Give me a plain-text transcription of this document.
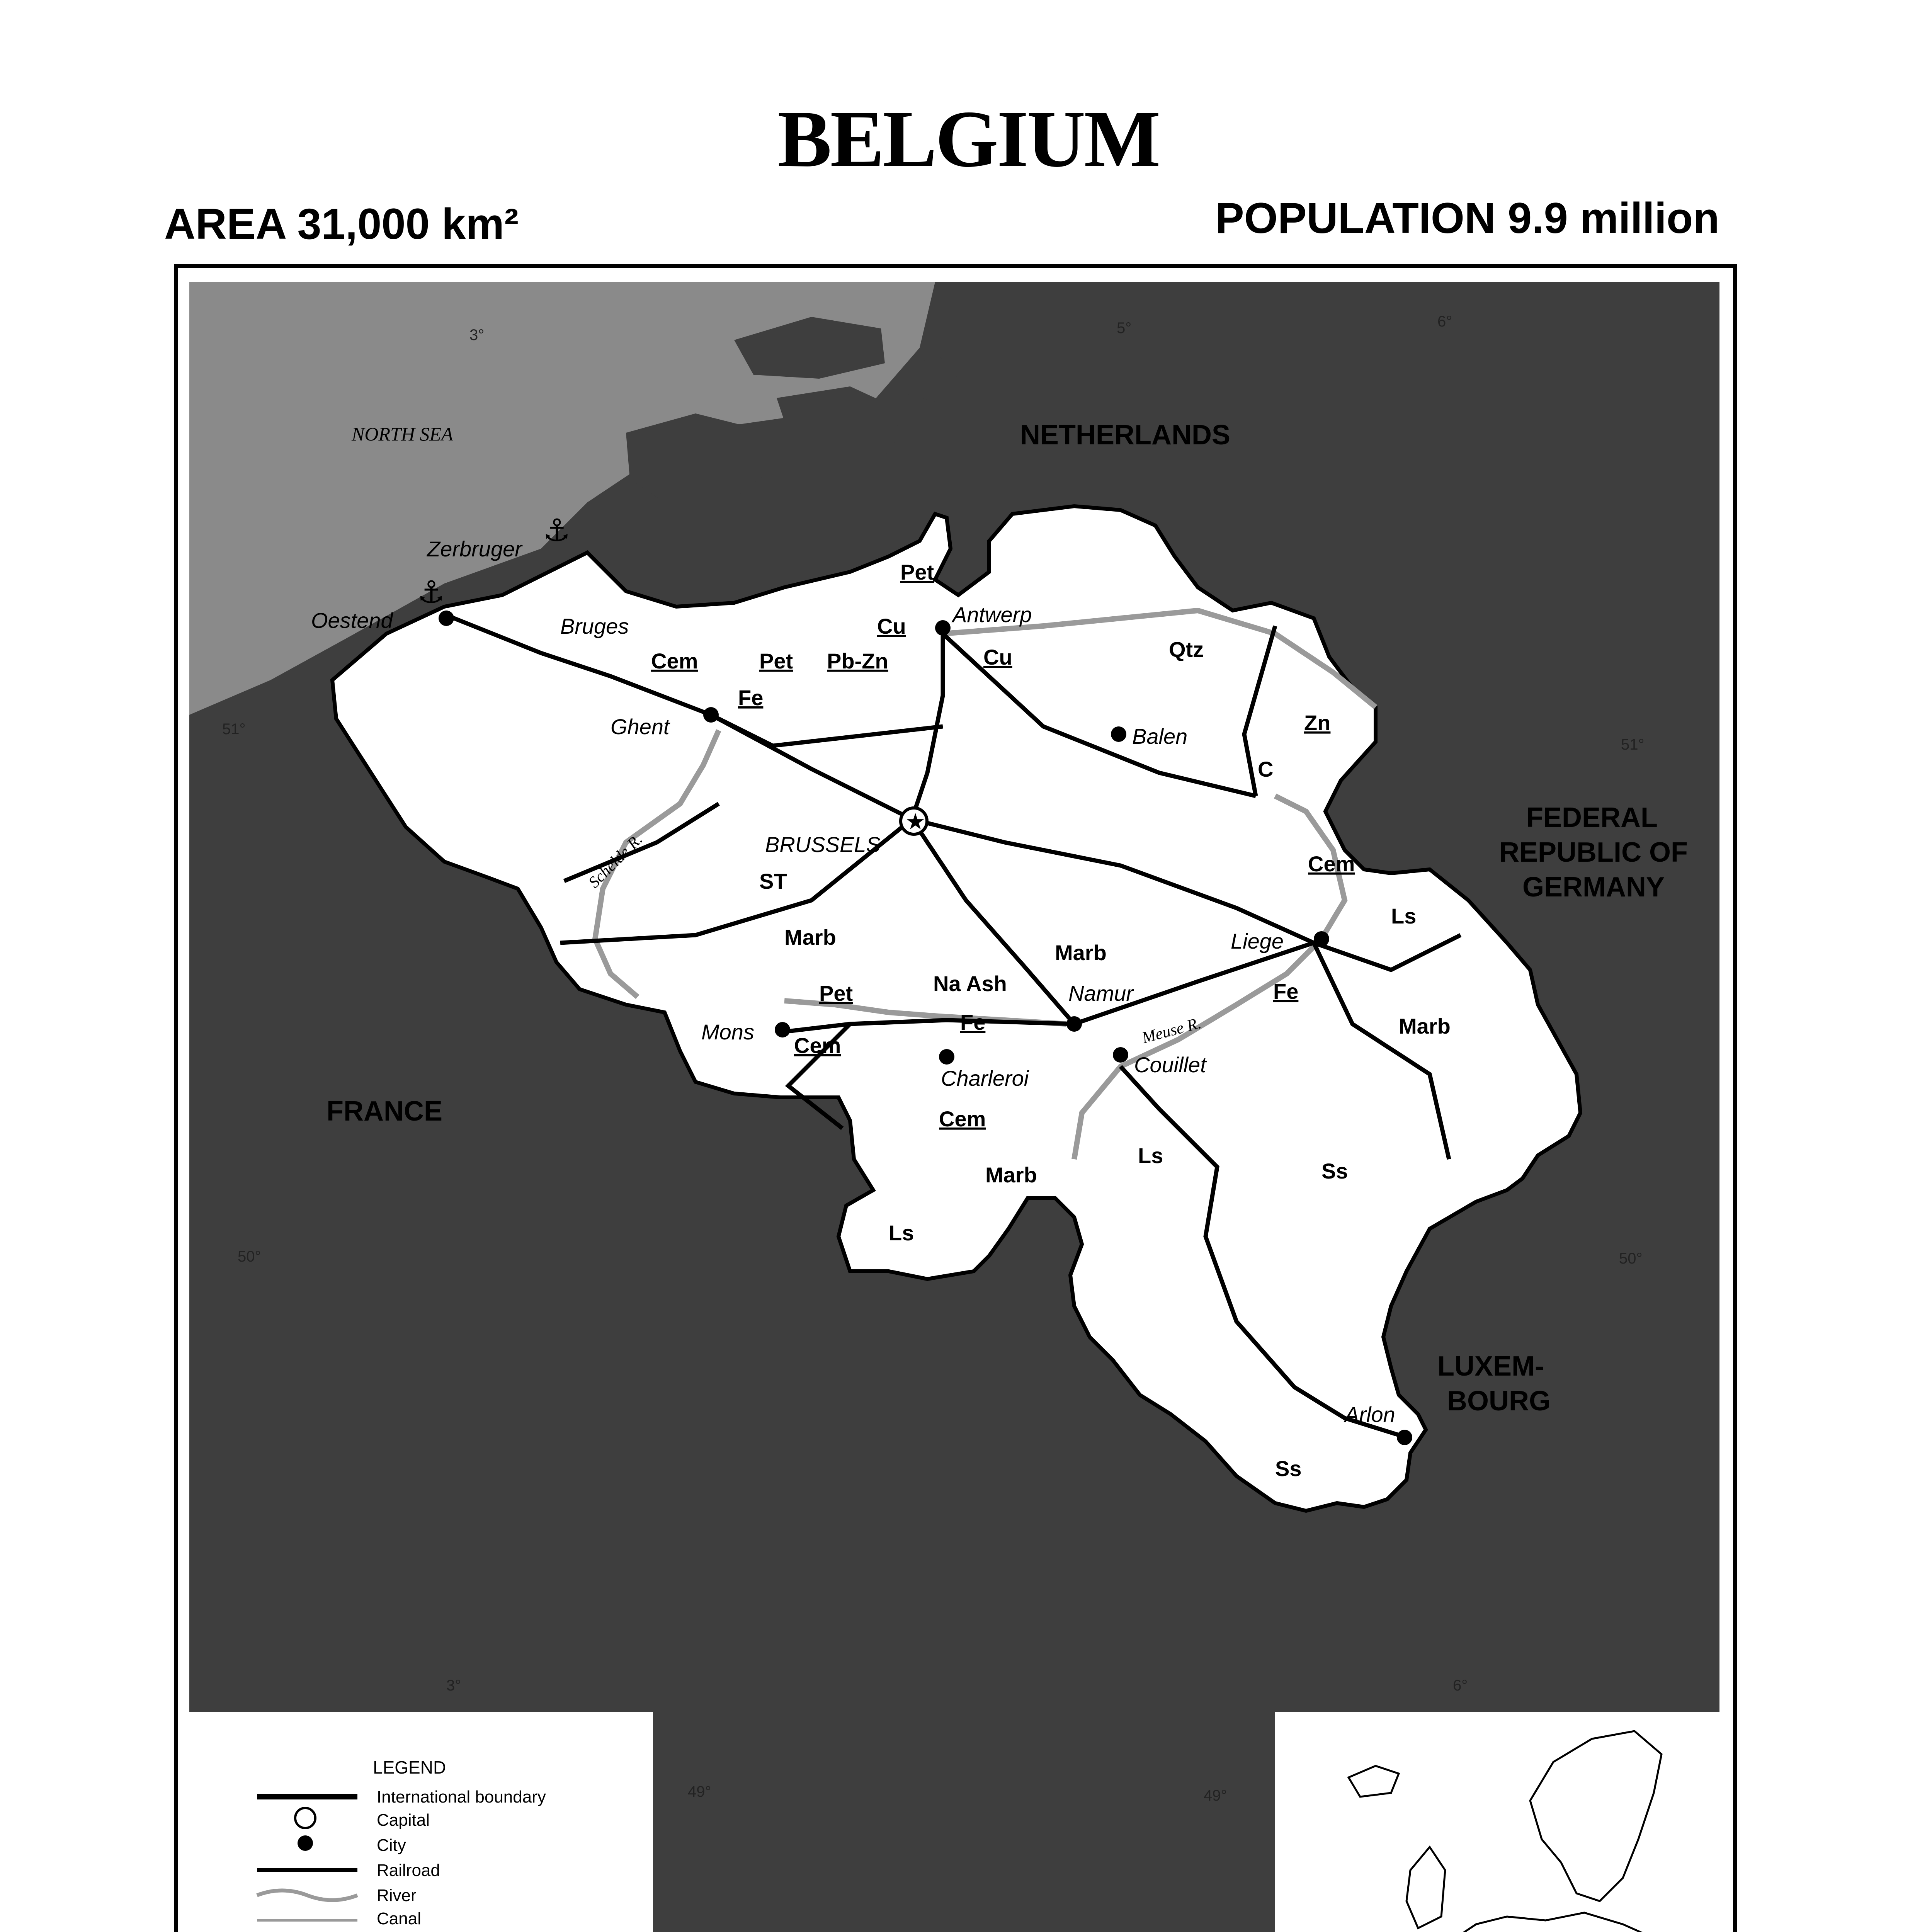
BELGIUM
AREA 31,000 km²	POPULATION 9.9 million
3°	5°	6°
51°
51°
50°	50°
3°	6°
NORTH SEA	NETHERLANDS
FEDERAL
REPUBLIC OF
GERMANY
FRANCE
LUXEM-
BOURG
★
⚓
⚓
Zerbruger
Oestend	Bruges
Ghent
Antwerp
Balen
BRUSSELS
Liege
Namur
Mons
Charleroi
Couillet
Arlon
Schelde R.
Meuse R.
Pet
Cu
Cu
Cem	Pet Pb-Zn
Fe
Qtz
Zn
C
Cem
Ls
ST
Marb
Marb
Pet	Na Ash
Fe
Cem
Fe
Marb
Cem
Marb
Ls
Ls
Ss
Ss
49°	49°
LEGEND
International boundary
Capital
City
Railroad
River
Canal
